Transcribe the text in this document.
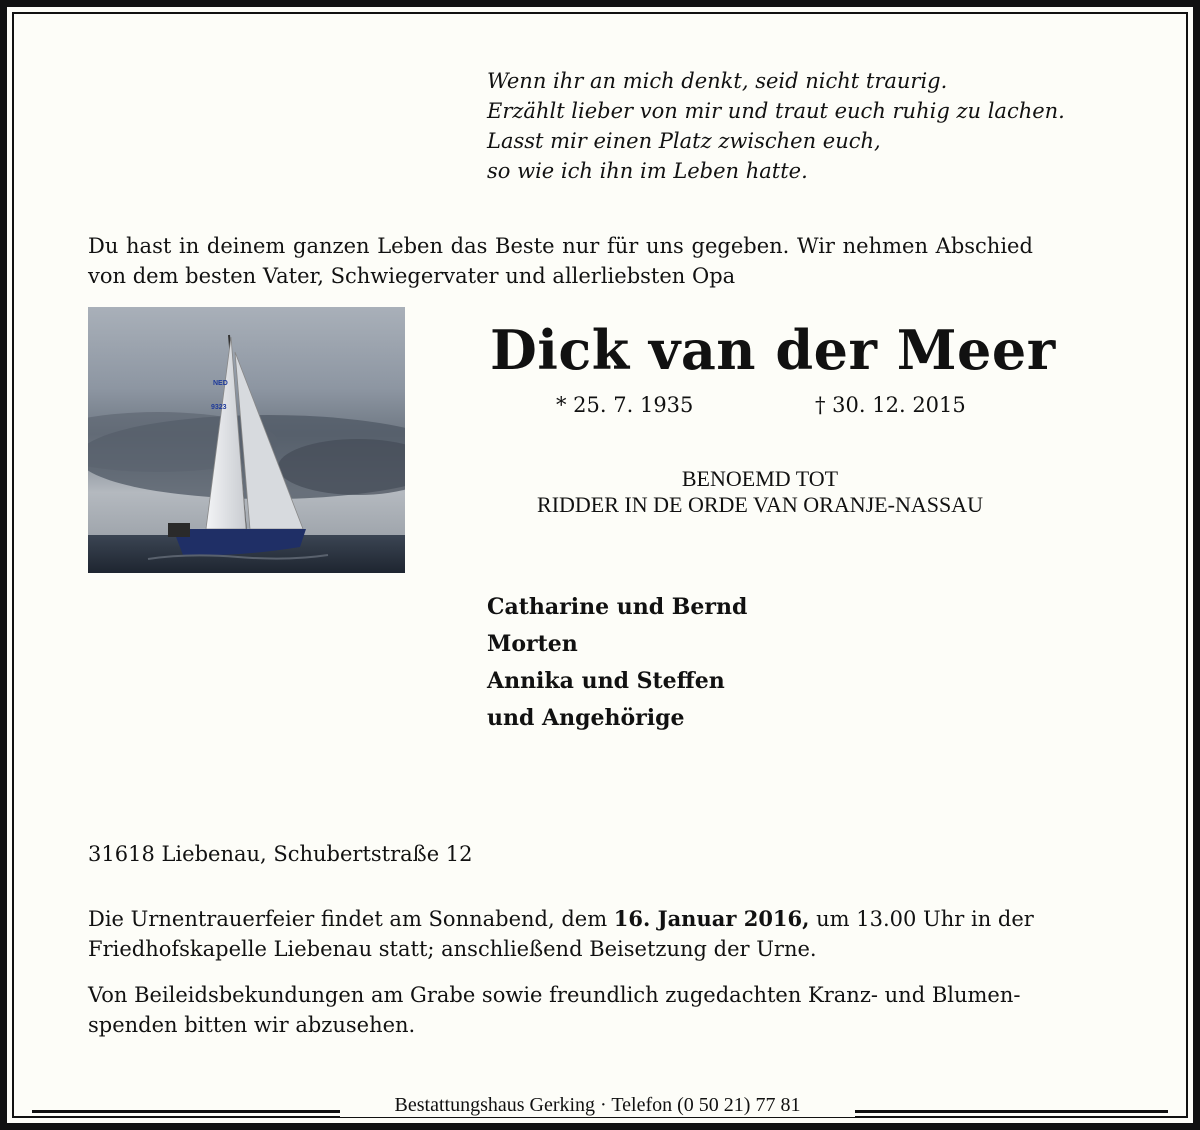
Wenn ihr an mich denkt, seid nicht traurig.
Erzählt lieber von mir und traut euch ruhig zu lachen.
Lasst mir einen Platz zwischen euch,
so wie ich ihn im Leben hatte.
Du hast in deinem ganzen Leben das Beste nur für uns gegeben. Wir nehmen Abschied
von dem besten Vater, Schwiegervater und allerliebsten Opa
NED
9323
Dick van der Meer
* 25. 7. 1935	† 30. 12. 2015
BENOEMD TOT
RIDDER IN DE ORDE VAN ORANJE-NASSAU
Catharine und Bernd
Morten
Annika und Steffen
und Angehörige
31618 Liebenau, Schubertstraße 12
Die Urnentrauerfeier findet am Sonnabend, dem 16. Januar 2016, um 13.00 Uhr in der
Friedhofskapelle Liebenau statt; anschließend Beisetzung der Urne.
Von Beileidsbekundungen am Grabe sowie freundlich zugedachten Kranz- und Blumen-
spenden bitten wir abzusehen.
Bestattungshaus Gerking · Telefon (0 50 21) 77 81
